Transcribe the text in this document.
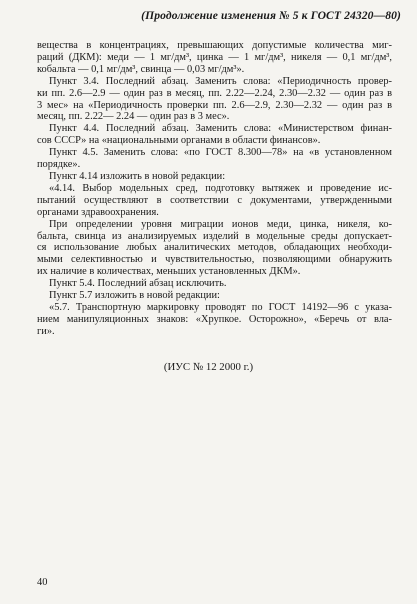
(Продолжение изменения № 5 к ГОСТ 24320—80)
вещества в концентрациях, превышающих допустимые количества миг-
раций (ДКМ): меди — 1 мг/дм³, цинка — 1 мг/дм³, никеля — 0,1 мг/дм³,
кобальта — 0,1 мг/дм³, свинца — 0,03 мг/дм³».
Пункт 3.4. Последний абзац. Заменить слова: «Периодичность провер-
ки пп. 2.6—2.9 — один раз в месяц, пп. 2.22—2.24, 2.30—2.32 — один раз в
3 мес» на «Периодичность проверки пп. 2.6—2.9, 2.30—2.32 — один раз в
месяц, пп. 2.22— 2.24 — один раз в 3 мес».
Пункт 4.4. Последний абзац. Заменить слова: «Министерством финан-
сов СССР» на «национальными органами в области финансов».
Пункт 4.5. Заменить слова: «по ГОСТ 8.300—78» на «в установленном
порядке».
Пункт 4.14 изложить в новой редакции:
«4.14. Выбор модельных сред, подготовку вытяжек и проведение ис-
пытаний осуществляют в соответствии с документами, утвержденными
органами здравоохранения.
При определении уровня миграции ионов меди, цинка, никеля, ко-
бальта, свинца из анализируемых изделий в модельные среды допускает-
ся использование любых аналитических методов, обладающих необходи-
мыми селективностью и чувствительностью, позволяющими обнаружить
их наличие в количествах, меньших установленных ДКМ».
Пункт 5.4. Последний абзац исключить.
Пункт 5.7 изложить в новой редакции:
«5.7. Транспортную маркировку проводят по ГОСТ 14192—96 с указа-
нием манипуляционных знаков: «Хрупкое. Осторожно», «Беречь от вла-
ги».
(ИУС № 12 2000 г.)
40
